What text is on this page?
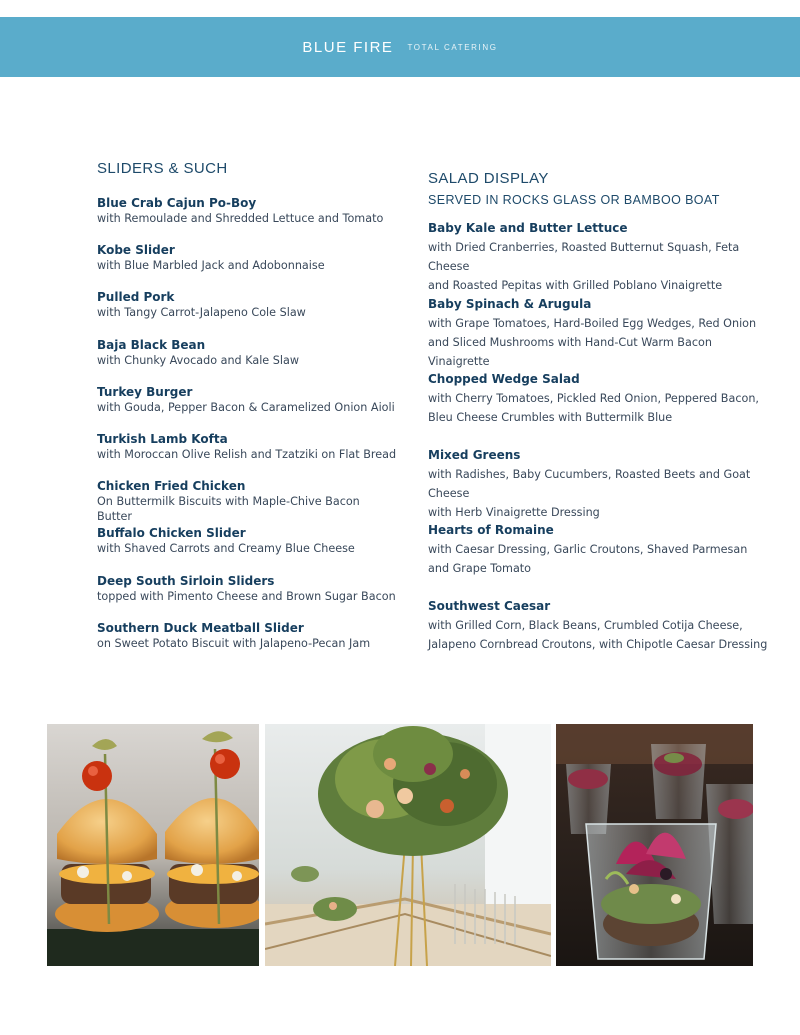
BLUE FIRE TOTAL CATERING
SLIDERS & SUCH
Blue Crab Cajun Po-Boy
with Remoulade and Shredded Lettuce and Tomato
Kobe Slider
with Blue Marbled Jack and Adobonnaise
Pulled Pork
with Tangy Carrot-Jalapeno Cole Slaw
Baja Black Bean
with Chunky Avocado and Kale Slaw
Turkey Burger
with Gouda, Pepper Bacon & Caramelized Onion Aioli
Turkish Lamb Kofta
with Moroccan Olive Relish and Tzatziki on Flat Bread
Chicken Fried Chicken
On Buttermilk Biscuits with Maple-Chive Bacon Butter
Buffalo Chicken Slider
with Shaved Carrots and Creamy Blue Cheese
Deep South Sirloin Sliders
topped with Pimento Cheese and Brown Sugar Bacon
Southern Duck Meatball Slider
on Sweet Potato Biscuit with Jalapeno-Pecan Jam
SALAD DISPLAY
SERVED IN ROCKS GLASS OR BAMBOO BOAT
Baby Kale and Butter Lettuce
with Dried Cranberries, Roasted Butternut Squash, Feta Cheese
and Roasted Pepitas with Grilled Poblano Vinaigrette
Baby Spinach & Arugula
with Grape Tomatoes, Hard-Boiled Egg Wedges, Red Onion
and Sliced Mushrooms with Hand-Cut Warm Bacon Vinaigrette
Chopped Wedge Salad
with Cherry Tomatoes, Pickled Red Onion, Peppered Bacon,
Bleu Cheese Crumbles with Buttermilk Blue
Mixed Greens
with Radishes, Baby Cucumbers, Roasted Beets and Goat Cheese
with Herb Vinaigrette Dressing
Hearts of Romaine
with Caesar Dressing, Garlic Croutons, Shaved Parmesan
and Grape Tomato
Southwest Caesar
with Grilled Corn, Black Beans, Crumbled Cotija Cheese,
Jalapeno Cornbread Croutons, with Chipotle Caesar Dressing
